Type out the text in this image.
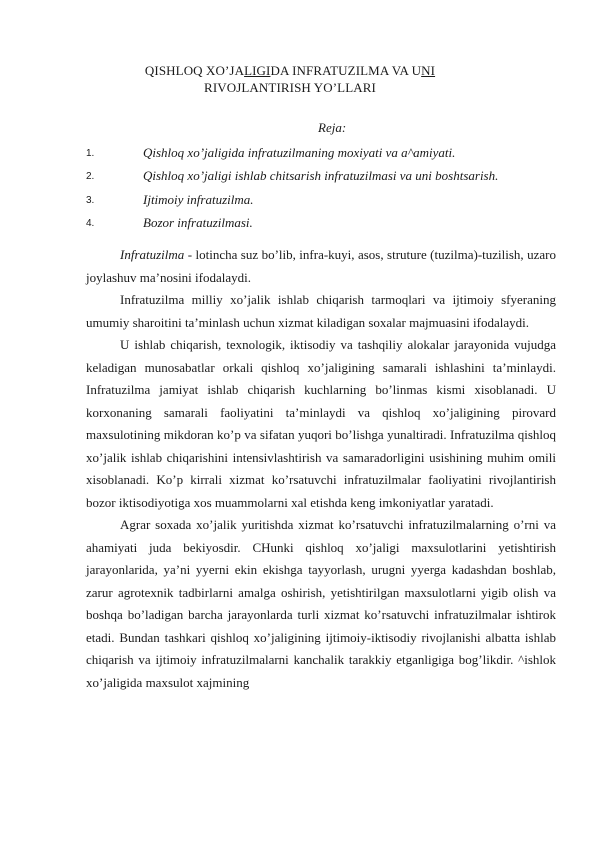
QISHLOQ XO’JALIGIDA INFRATUZILMA VA UNI
RIVOJLANTIRISH YO’LLARI
Reja:
1.	Qishloq xo’jaligida infratuzilmaning moxiyati va a^amiyati.
2.	Qishloq xo’jaligi ishlab chitsarish infratuzilmasi va uni boshtsarish.
3.	Ijtimoiy infratuzilma.
4.	Bozor infratuzilmasi.

Infratuzilma - lotincha suz bo’lib, infra-kuyi, asos, struture (tuzilma)-tuzilish, uzaro joylashuv ma’nosini ifodalaydi.

Infratuzilma milliy xo’jalik ishlab chiqarish tarmoqlari va ijtimoiy sfyeraning umumiy sharoitini ta’minlash uchun xizmat kiladigan soxalar majmuasini ifodalaydi.

U ishlab chiqarish, texnologik, iktisodiy va tashqiliy alokalar jarayonida vujudga keladigan munosabatlar orkali qishloq xo’jaligining samarali ishlashini ta’minlaydi. Infratuzilma jamiyat ishlab chiqarish kuchlarning bo’linmas kismi xisoblanadi. U korxonaning samarali faoliyatini ta’minlaydi va qishloq xo’jaligining pirovard maxsulotining mikdoran ko’p va sifatan yuqori bo’lishga yunaltiradi. Infratuzilma qishloq xo’jalik ishlab chiqarishini intensivlashtirish va samaradorligini usishining muhim omili xisoblanadi. Ko’p kirrali xizmat ko’rsatuvchi infratuzilmalar faoliyatini rivojlantirish bozor iktisodiyotiga xos muammolarni xal etishda keng imkoniyatlar yaratadi.

Agrar soxada xo’jalik yuritishda xizmat ko’rsatuvchi infratuzilmalarning o’rni va ahamiyati juda bekiyosdir. CHunki qishloq xo’jaligi maxsulotlarini yetishtirish jarayonlarida, ya’ni yyerni ekin ekishga tayyorlash, urugni yyerga kadashdan boshlab, zarur agrotexnik tadbirlarni amalga oshirish, yetishtirilgan maxsulotlarni yigib olish va boshqa bo’ladigan barcha jarayonlarda turli xizmat ko’rsatuvchi infratuzilmalar ishtirok etadi. Bundan tashkari qishloq xo’jaligining ijtimoiy-iktisodiy rivojlanishi albatta ishlab chiqarish va ijtimoiy infratuzilmalarni kanchalik tarakkiy etganligiga bog’likdir. ^ishlok xo’jaligida maxsulot xajmining
